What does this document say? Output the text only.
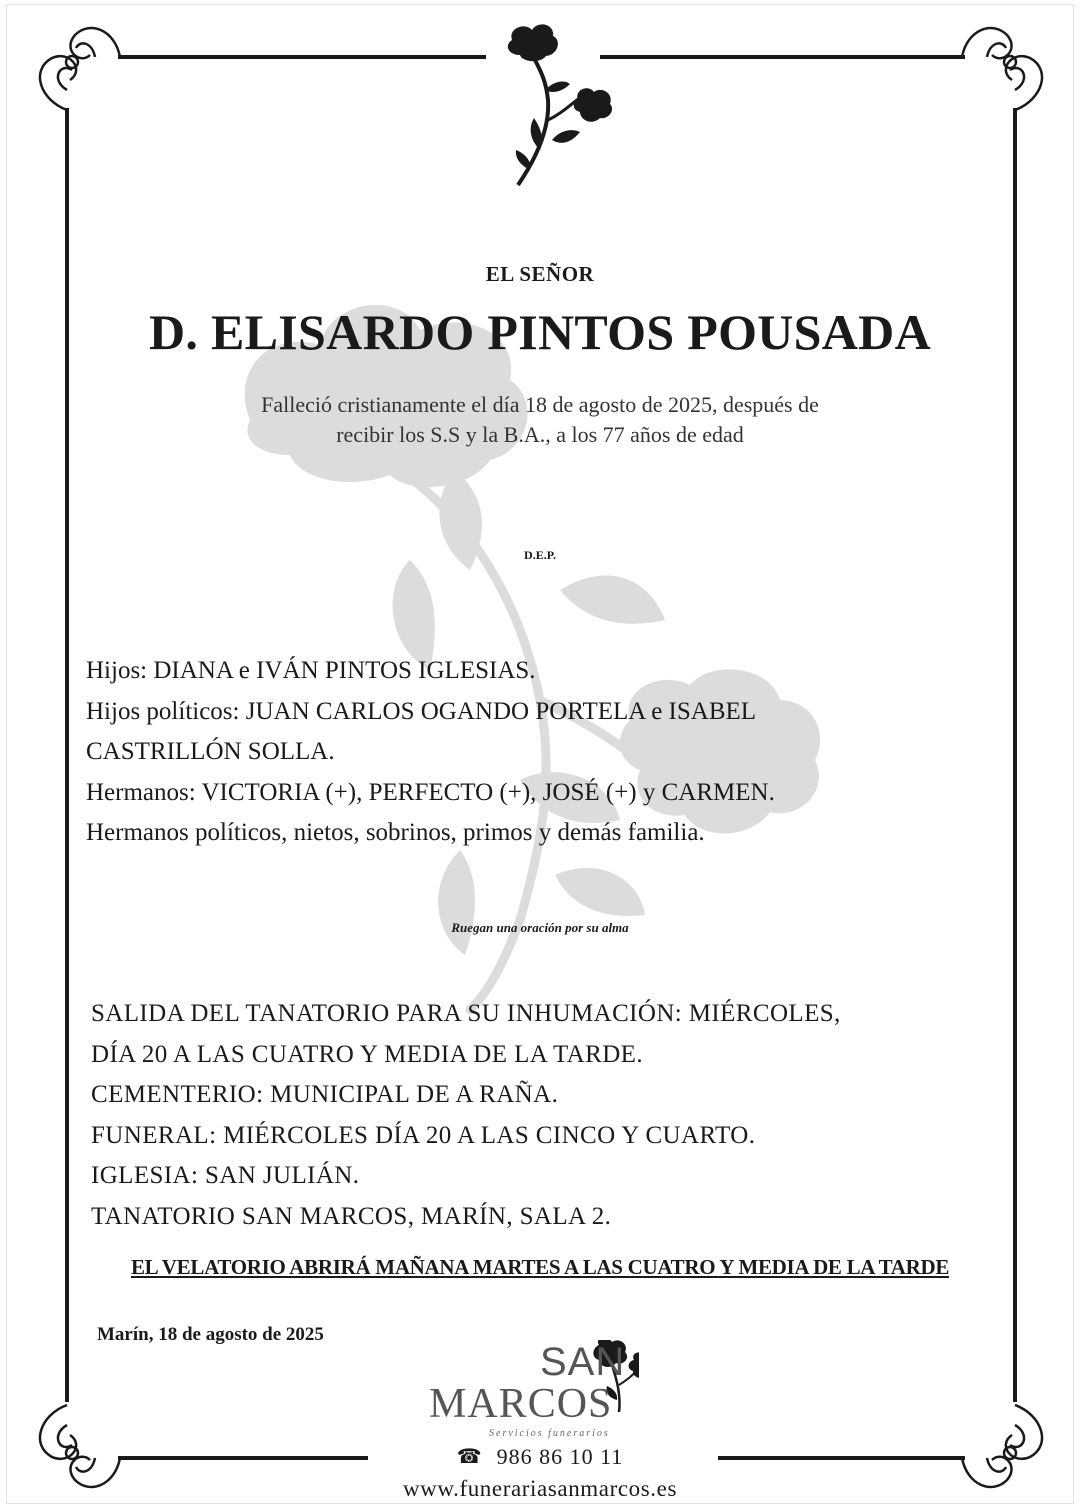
EL SEÑOR

D. ELISARDO PINTOS POUSADA

Falleció cristianamente el día 18 de agosto de 2025, después de
recibir los S.S y la B.A., a los 77 años de edad

D.E.P.

Hijos: DIANA e IVÁN PINTOS IGLESIAS.
Hijos políticos: JUAN CARLOS OGANDO PORTELA e ISABEL
CASTRILLÓN SOLLA.
Hermanos: VICTORIA (+), PERFECTO (+), JOSÉ (+) y CARMEN.
Hermanos políticos, nietos, sobrinos, primos y demás familia.

Ruegan una oración por su alma

SALIDA DEL TANATORIO PARA SU INHUMACIÓN: MIÉRCOLES,
DÍA 20 A LAS CUATRO Y MEDIA DE LA TARDE.
CEMENTERIO: MUNICIPAL DE A RAÑA.
FUNERAL: MIÉRCOLES DÍA 20 A LAS CINCO Y CUARTO.
IGLESIA: SAN JULIÁN.
TANATORIO SAN MARCOS, MARÍN, SALA 2.

EL VELATORIO ABRIRÁ MAÑANA MARTES A LAS CUATRO Y MEDIA DE LA TARDE

Marín, 18 de agosto de 2025
SAN
MARCOS
Servicios funerarios
☎ 986 86 10 11

www.funerariasanmarcos.es
